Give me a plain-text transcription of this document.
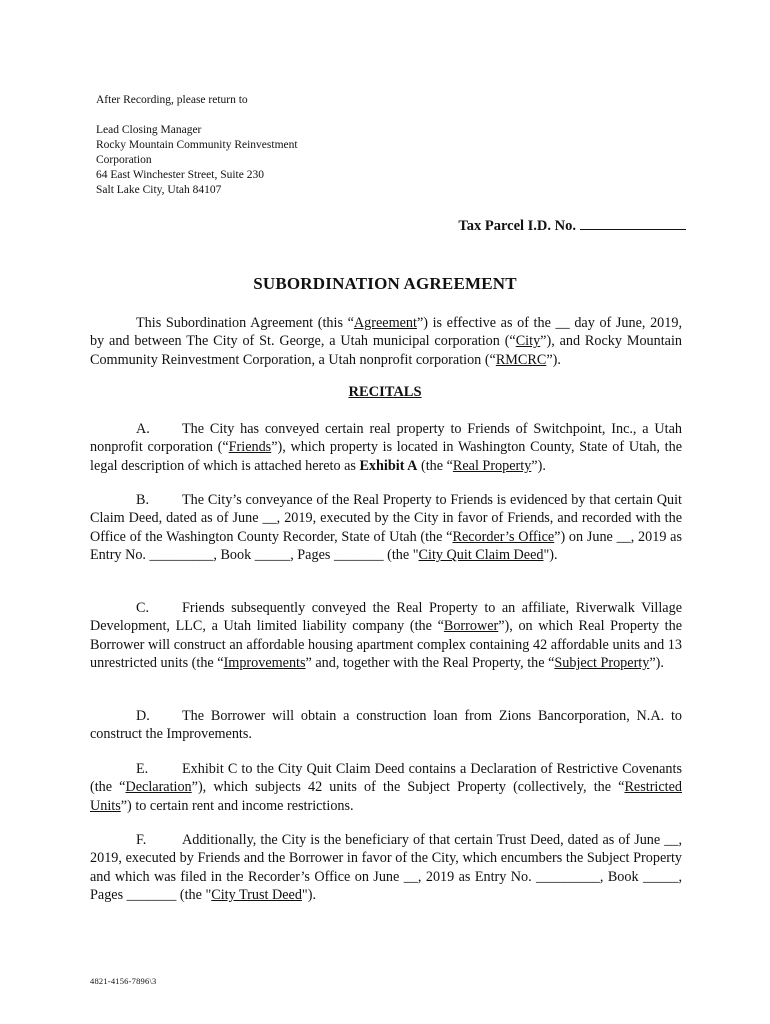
After Recording, please return to
Lead Closing Manager
Rocky Mountain Community Reinvestment
Corporation
64 East Winchester Street, Suite 230
Salt Lake City, Utah 84107
Tax Parcel I.D. No.
SUBORDINATION AGREEMENT
This Subordination Agreement (this “Agreement”) is effective as of the __ day of June, 2019, by and between The City of St. George, a Utah municipal corporation (“City”), and Rocky Mountain Community Reinvestment Corporation, a Utah nonprofit corporation (“RMCRC”).
RECITALS
A. The City has conveyed certain real property to Friends of Switchpoint, Inc., a Utah nonprofit corporation (“Friends”), which property is located in Washington County, State of Utah, the legal description of which is attached hereto as Exhibit A (the “Real Property”).
B. The City’s conveyance of the Real Property to Friends is evidenced by that certain Quit Claim Deed, dated as of June __, 2019, executed by the City in favor of Friends, and recorded with the Office of the Washington County Recorder, State of Utah (the “Recorder’s Office”) on June __, 2019 as Entry No. _________, Book _____, Pages _______ (the "City Quit Claim Deed").
C. Friends subsequently conveyed the Real Property to an affiliate, Riverwalk Village Development, LLC, a Utah limited liability company (the “Borrower”), on which Real Property the Borrower will construct an affordable housing apartment complex containing 42 affordable units and 13 unrestricted units (the “Improvements” and, together with the Real Property, the “Subject Property”).
D. The Borrower will obtain a construction loan from Zions Bancorporation, N.A. to construct the Improvements.
E. Exhibit C to the City Quit Claim Deed contains a Declaration of Restrictive Covenants (the “Declaration”), which subjects 42 units of the Subject Property (collectively, the “Restricted Units”) to certain rent and income restrictions.
F.	Additionally, the City is the beneficiary of that certain Trust Deed, dated as of June __, 2019, executed by Friends and the Borrower in favor of the City, which encumbers the Subject Property and which was filed in the Recorder’s Office on June __, 2019 as Entry No. _________, Book _____, Pages _______ (the "City Trust Deed").
4821-4156-7896\3
